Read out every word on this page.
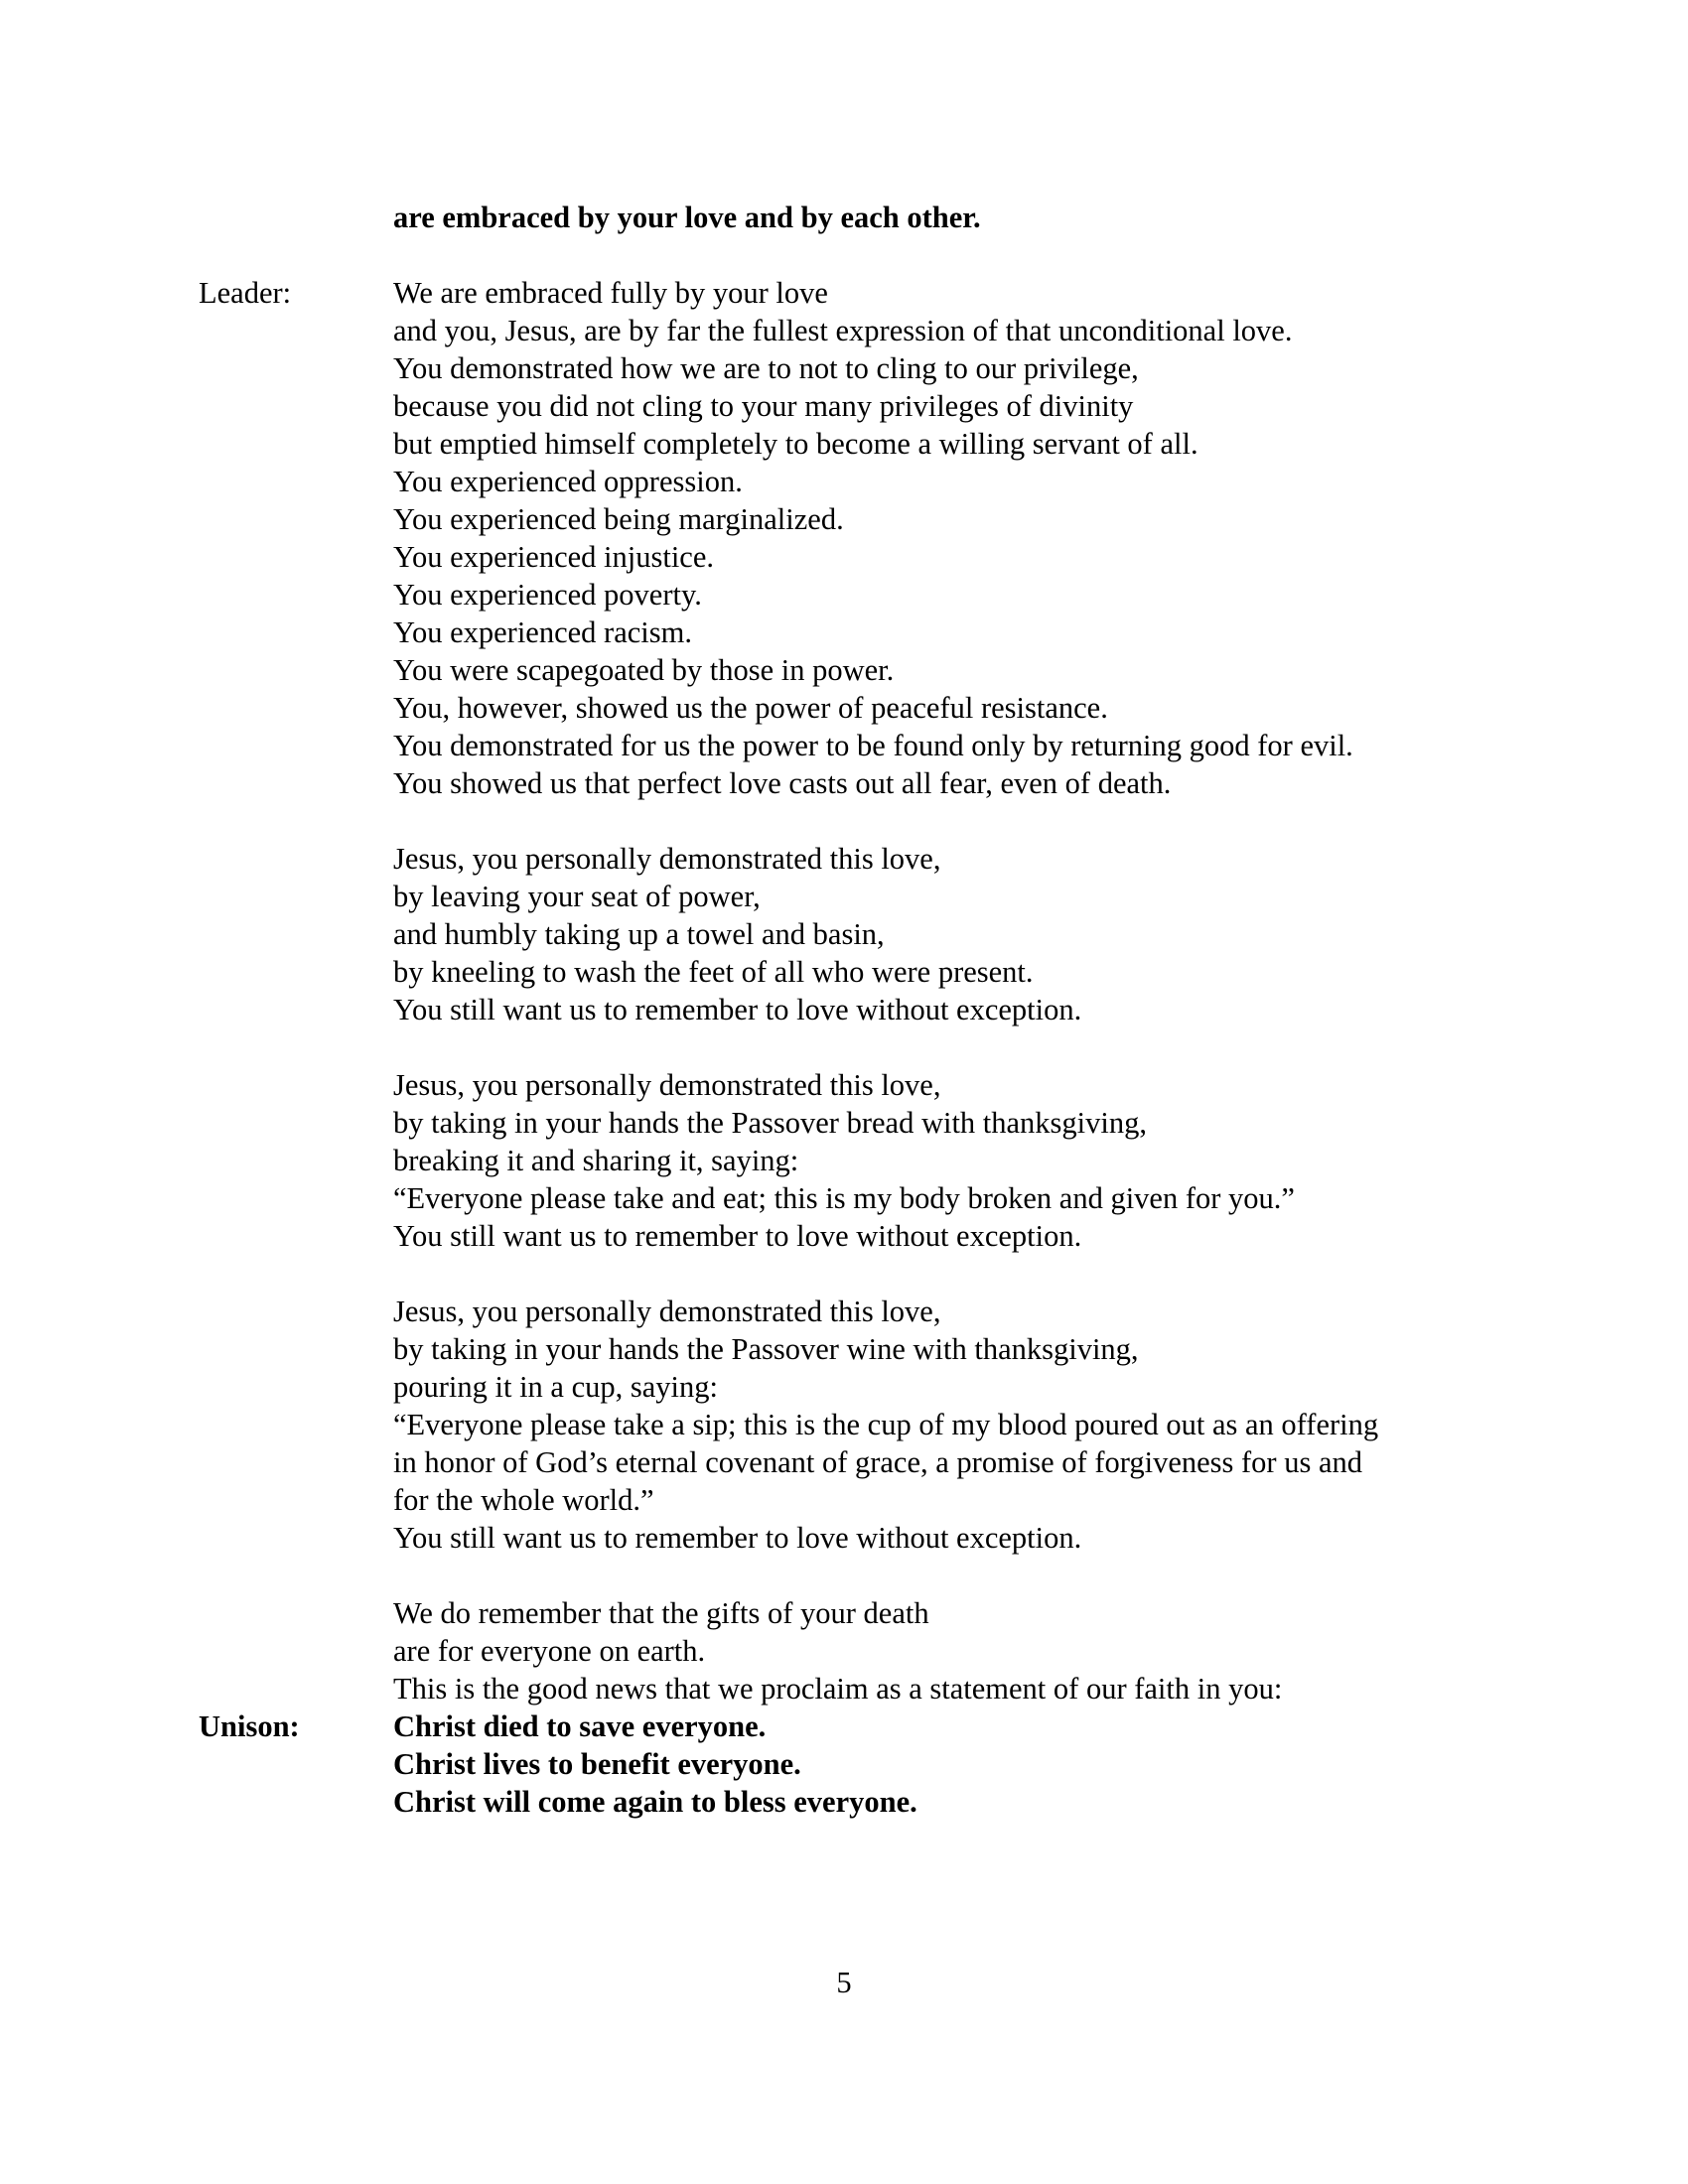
are embraced by your love and by each other.
Leader:	We are embraced fully by your love
and you, Jesus, are by far the fullest expression of that unconditional love.
You demonstrated how we are to not to cling to our privilege,
because you did not cling to your many privileges of divinity
but emptied himself completely to become a willing servant of all.
You experienced oppression.
You experienced being marginalized.
You experienced injustice.
You experienced poverty.
You experienced racism.
You were scapegoated by those in power.
You, however, showed us the power of peaceful resistance.
You demonstrated for us the power to be found only by returning good for evil.
You showed us that perfect love casts out all fear, even of death.
Jesus, you personally demonstrated this love,
by leaving your seat of power,
and humbly taking up a towel and basin,
by kneeling to wash the feet of all who were present.
You still want us to remember to love without exception.
Jesus, you personally demonstrated this love,
by taking in your hands the Passover bread with thanksgiving,
breaking it and sharing it, saying:
“Everyone please take and eat; this is my body broken and given for you.”
You still want us to remember to love without exception.
Jesus, you personally demonstrated this love,
by taking in your hands the Passover wine with thanksgiving,
pouring it in a cup, saying:
“Everyone please take a sip; this is the cup of my blood poured out as an offering
in honor of God’s eternal covenant of grace, a promise of forgiveness for us and
for the whole world.”
You still want us to remember to love without exception.
We do remember that the gifts of your death
are for everyone on earth.
This is the good news that we proclaim as a statement of our faith in you:
Unison:	Christ died to save everyone.
Christ lives to benefit everyone.
Christ will come again to bless everyone.
5
